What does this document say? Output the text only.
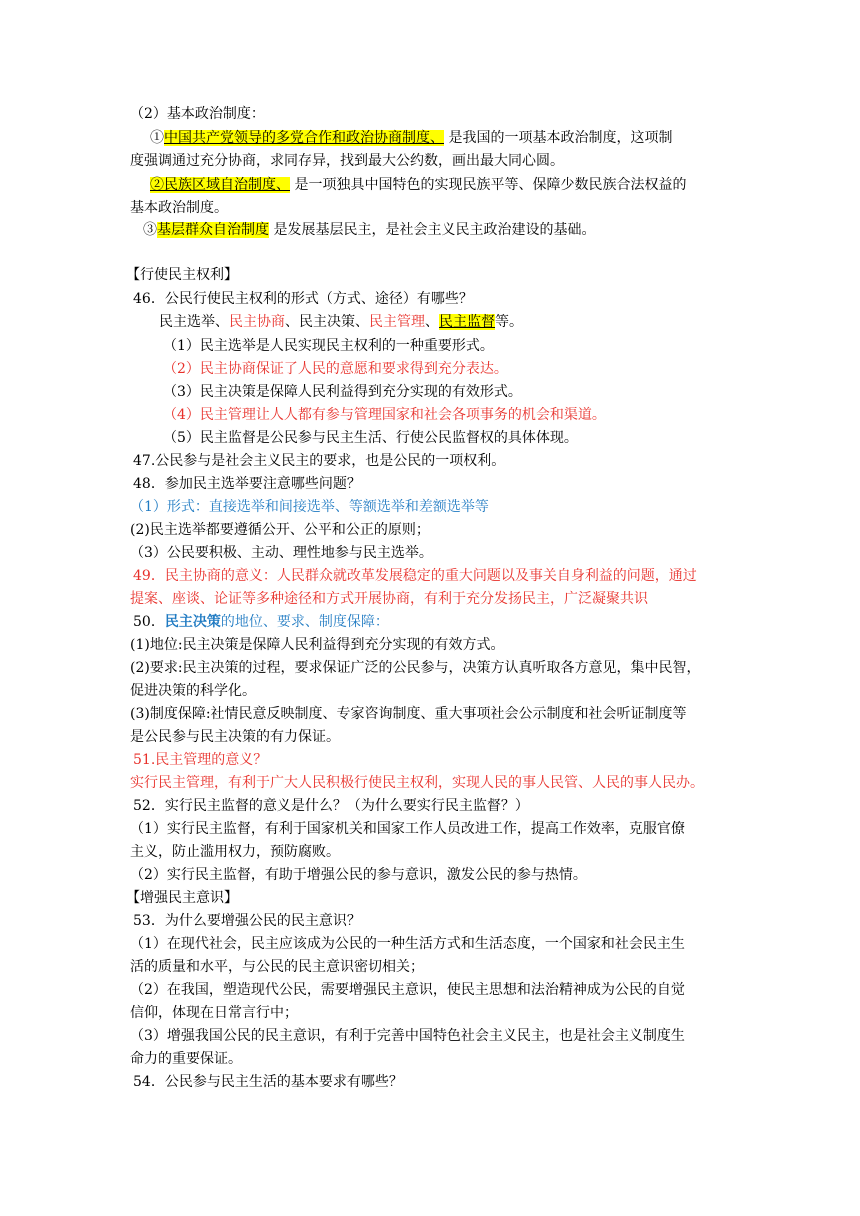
（2）基本政治制度：
①中国共产党领导的多党合作和政治协商制度、 是我国的一项基本政治制度，这项制
度强调通过充分协商，求同存异，找到最大公约数，画出最大同心圆。
②民族区域自治制度、 是一项独具中国特色的实现民族平等、保障少数民族合法权益的
基本政治制度。
③基层群众自治制度 是发展基层民主，是社会主义民主政治建设的基础。
【行使民主权利】
46．公民行使民主权利的形式（方式、途径）有哪些？
民主选举、民主协商、民主决策、民主管理、民主监督等。
（1）民主选举是人民实现民主权利的一种重要形式。
（2）民主协商保证了人民的意愿和要求得到充分表达。
（3）民主决策是保障人民利益得到充分实现的有效形式。
（4）民主管理让人人都有参与管理国家和社会各项事务的机会和渠道。
（5）民主监督是公民参与民主生活、行使公民监督权的具体体现。
47.公民参与是社会主义民主的要求，也是公民的一项权利。
48．参加民主选举要注意哪些问题？
（1）形式：直接选举和间接选举、等额选举和差额选举等
(2)民主选举都要遵循公开、公平和公正的原则；
（3）公民要积极、主动、理性地参与民主选举。
49．民主协商的意义：人民群众就改革发展稳定的重大问题以及事关自身利益的问题，通过
提案、座谈、论证等多种途径和方式开展协商，有利于充分发扬民主，广泛凝聚共识
50．民主决策的地位、要求、制度保障：
(1)地位:民主决策是保障人民利益得到充分实现的有效方式。
(2)要求:民主决策的过程，要求保证广泛的公民参与，决策方认真听取各方意见，集中民智，
促进决策的科学化。
(3)制度保障:社情民意反映制度、专家咨询制度、重大事项社会公示制度和社会听证制度等
是公民参与民主决策的有力保证。
51.民主管理的意义？
实行民主管理，有利于广大人民积极行使民主权利，实现人民的事人民管、人民的事人民办。
52．实行民主监督的意义是什么？（为什么要实行民主监督？）
（1）实行民主监督，有利于国家机关和国家工作人员改进工作，提高工作效率，克服官僚
主义，防止滥用权力，预防腐败。
（2）实行民主监督，有助于增强公民的参与意识，激发公民的参与热情。
【增强民主意识】
53．为什么要增强公民的民主意识？
（1）在现代社会，民主应该成为公民的一种生活方式和生活态度，一个国家和社会民主生
活的质量和水平，与公民的民主意识密切相关；
（2）在我国，塑造现代公民，需要增强民主意识，使民主思想和法治精神成为公民的自觉
信仰，体现在日常言行中；
（3）增强我国公民的民主意识，有利于完善中国特色社会主义民主，也是社会主义制度生
命力的重要保证。
54．公民参与民主生活的基本要求有哪些？
